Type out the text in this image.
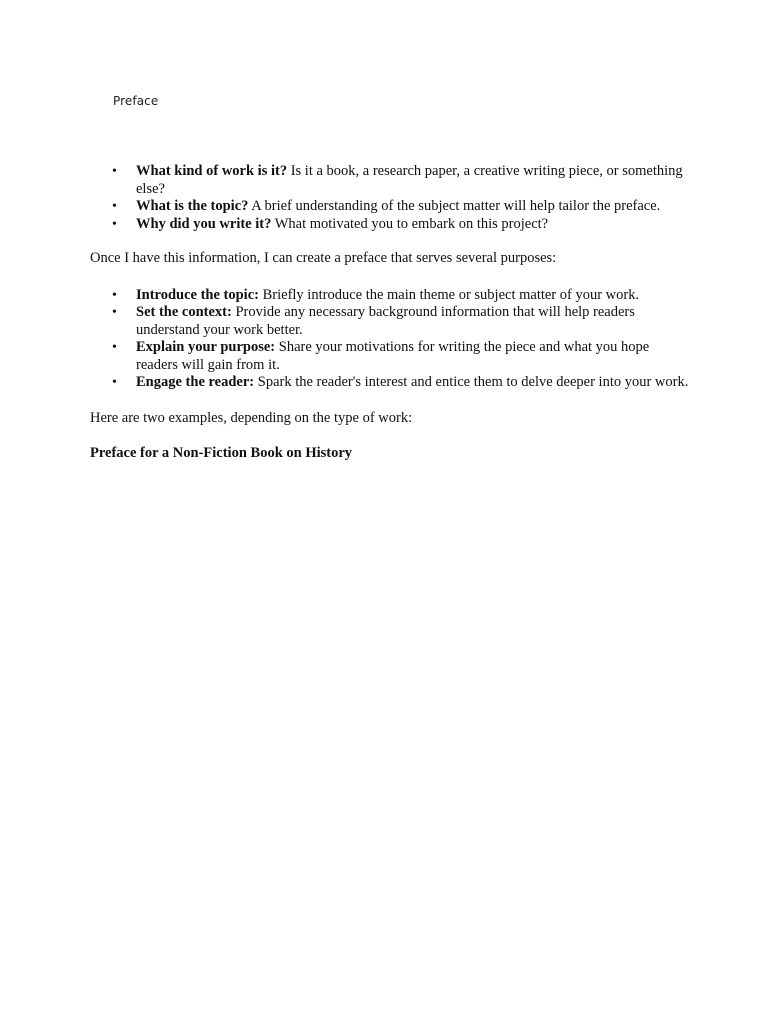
Preface
• What kind of work is it? Is it a book, a research paper, a creative writing piece, or something else?
• What is the topic? A brief understanding of the subject matter will help tailor the preface.
• Why did you write it? What motivated you to embark on this project?

Once I have this information, I can create a preface that serves several purposes:

• Introduce the topic: Briefly introduce the main theme or subject matter of your work.
• Set the context: Provide any necessary background information that will help readers understand your work better.
• Explain your purpose: Share your motivations for writing the piece and what you hope readers will gain from it.
• Engage the reader: Spark the reader's interest and entice them to delve deeper into your work.

Here are two examples, depending on the type of work:

Preface for a Non-Fiction Book on History
